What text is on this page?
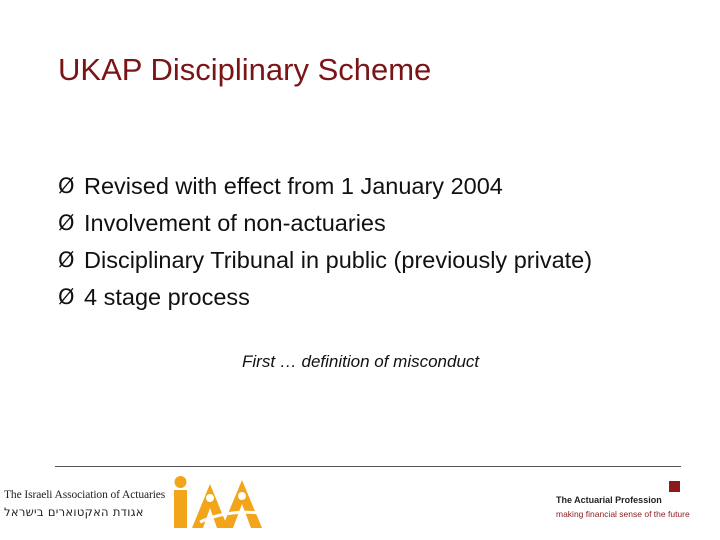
UKAP Disciplinary Scheme
Ø Revised with effect from 1 January 2004
Ø Involvement of non-actuaries
Ø Disciplinary Tribunal in public (previously private)
Ø 4 stage process
First … definition of misconduct
The Israeli Association of Actuaries
אגודת האקטוארים בישראל
The Actuarial Profession
making financial sense of the future
